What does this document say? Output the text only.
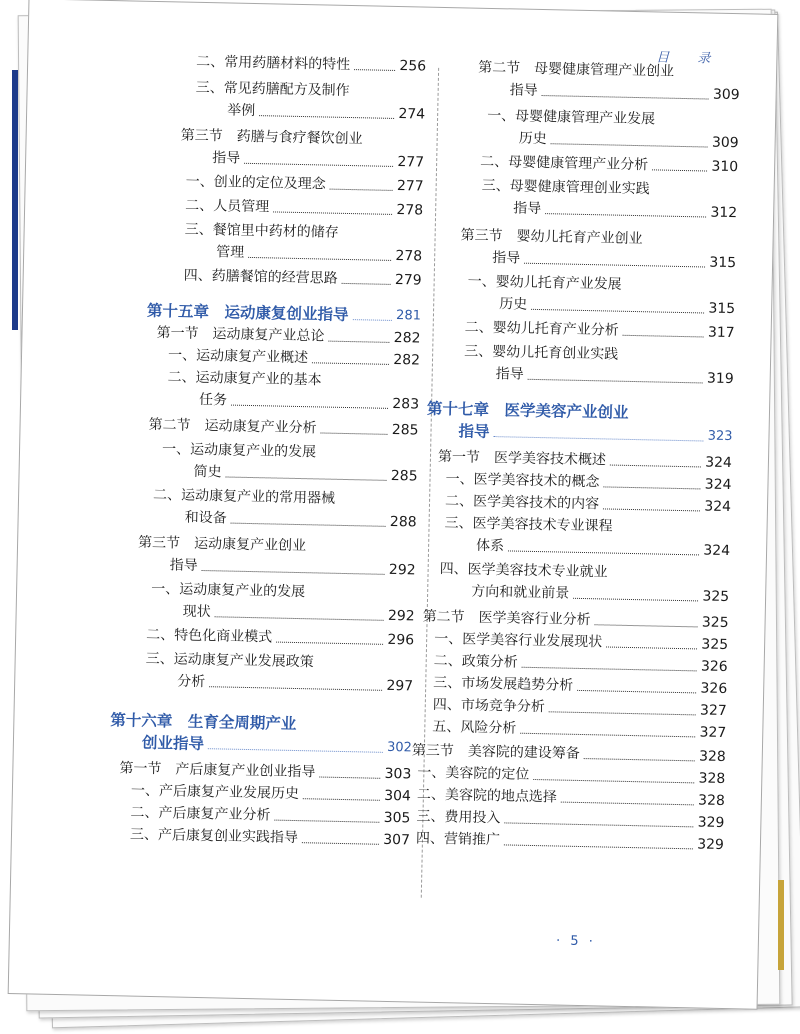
目 录
二、常用药膳材料的特性	256
三、常见药膳配方及制作
举例	274
第三节　药膳与食疗餐饮创业
指导	277
一、创业的定位及理念	277
二、人员管理	278
三、餐馆里中药材的储存
管理	278
四、药膳餐馆的经营思路	279
第十五章　运动康复创业指导	281
第一节　运动康复产业总论	282
一、运动康复产业概述	282
二、运动康复产业的基本
任务	283
第二节　运动康复产业分析	285
一、运动康复产业的发展
简史	285
二、运动康复产业的常用器械
和设备	288
第三节　运动康复产业创业
指导	292
一、运动康复产业的发展
现状	292
二、特色化商业模式	296
三、运动康复产业发展政策
分析	297
第十六章　生育全周期产业
创业指导	302
第一节　产后康复产业创业指导	303
一、产后康复产业发展历史	304
二、产后康复产业分析	305
三、产后康复创业实践指导	307
第二节　母婴健康管理产业创业
指导	309
一、母婴健康管理产业发展
历史	309
二、母婴健康管理产业分析	310
三、母婴健康管理创业实践
指导	312
第三节　婴幼儿托育产业创业
指导	315
一、婴幼儿托育产业发展
历史	315
二、婴幼儿托育产业分析	317
三、婴幼儿托育创业实践
指导	319
第十七章　医学美容产业创业
指导	323
第一节　医学美容技术概述	324
一、医学美容技术的概念	324
二、医学美容技术的内容	324
三、医学美容技术专业课程
体系	324
四、医学美容技术专业就业
方向和就业前景	325
第二节　医学美容行业分析	325
一、医学美容行业发展现状	325
二、政策分析	326
三、市场发展趋势分析	326
四、市场竞争分析	327
五、风险分析	327
第三节　美容院的建设筹备	328
一、美容院的定位	328
二、美容院的地点选择	328
三、费用投入	329
四、营销推广	329
· 5 ·
